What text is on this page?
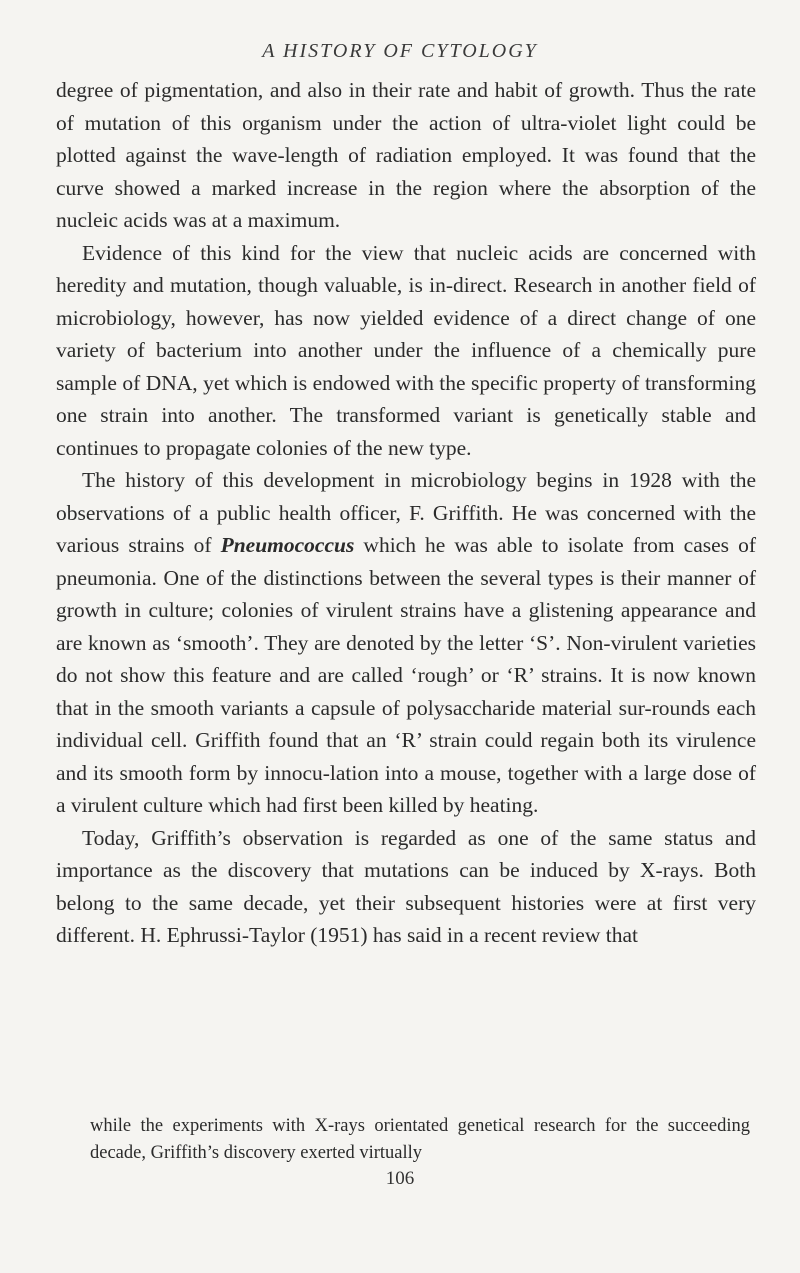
A HISTORY OF CYTOLOGY

degree of pigmentation, and also in their rate and habit of growth. Thus the rate of mutation of this organism under the action of ultra-violet light could be plotted against the wave-length of radiation employed. It was found that the curve showed a marked increase in the region where the absorption of the nucleic acids was at a maximum.

Evidence of this kind for the view that nucleic acids are concerned with heredity and mutation, though valuable, is in-direct. Research in another field of microbiology, however, has now yielded evidence of a direct change of one variety of bacterium into another under the influence of a chemically pure sample of DNA, yet which is endowed with the specific property of transforming one strain into another. The transformed variant is genetically stable and continues to propagate colonies of the new type.

The history of this development in microbiology begins in 1928 with the observations of a public health officer, F. Griffith. He was concerned with the various strains of Pneumococcus which he was able to isolate from cases of pneumonia. One of the distinctions between the several types is their manner of growth in culture; colonies of virulent strains have a glistening appearance and are known as ‘smooth’. They are denoted by the letter ‘S’. Non-virulent varieties do not show this feature and are called ‘rough’ or ‘R’ strains. It is now known that in the smooth variants a capsule of polysaccharide material sur-rounds each individual cell. Griffith found that an ‘R’ strain could regain both its virulence and its smooth form by innocu-lation into a mouse, together with a large dose of a virulent culture which had first been killed by heating.

Today, Griffith’s observation is regarded as one of the same status and importance as the discovery that mutations can be induced by X-rays. Both belong to the same decade, yet their subsequent histories were at first very different. H. Ephrussi-Taylor (1951) has said in a recent review that

while the experiments with X-rays orientated genetical research for the succeeding decade, Griffith’s discovery exerted virtually

106
